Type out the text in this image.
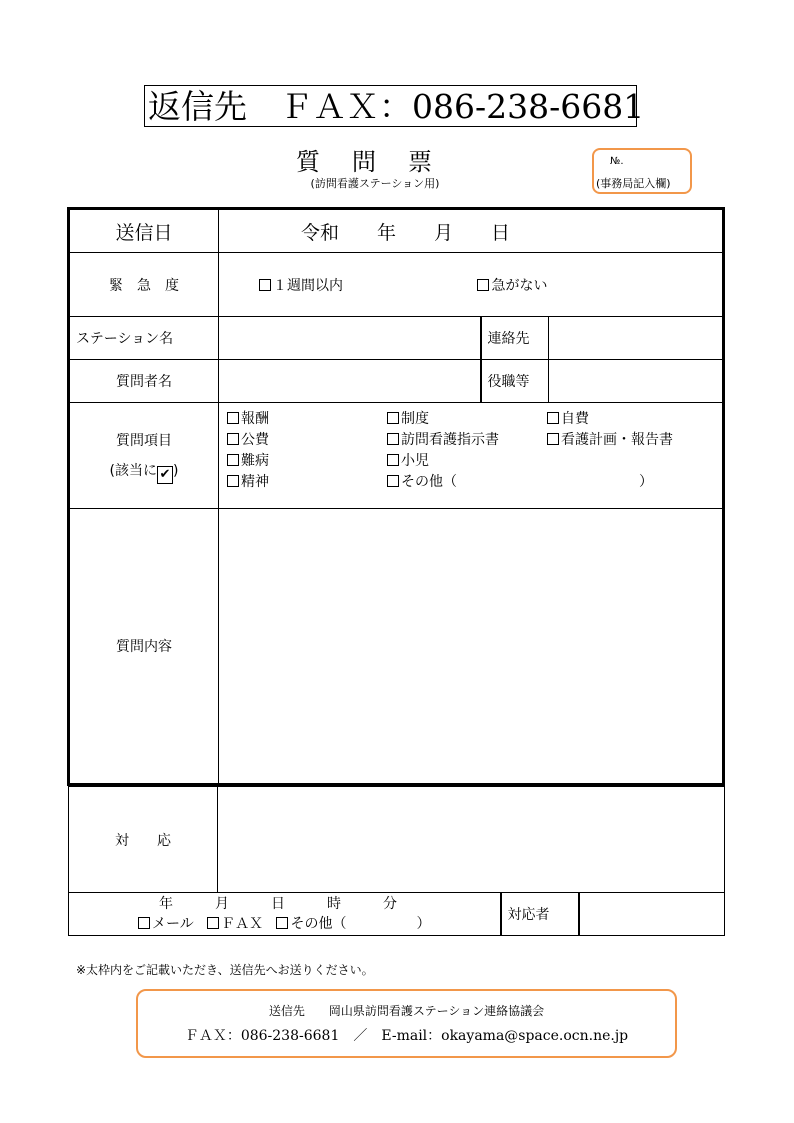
返信先　ＦＡＸ：086-238-6681
質問票
(訪問看護ステーション用)
№.
(事務局記入欄)
送信日	令和　　年　　月　　日		
緊　急　度	１週間以内 急がない		
ステーション名		連絡先	
質問者名		役職等	

質問項目
(該当に ✔ )

報酬	制度	自費
公費	訪問看護指示書	看護計画・報告書
難病	小児
精神	その他（　　　　　　　　　　　　　）

質問内容			
対　　応			

年　　　月　　　日　　　時　　　分
メール ＦＡＸ その他（　　　　　）		対応者	
※太枠内をご記載いただき、送信先へお送りください。
送信先　　岡山県訪問看護ステーション連絡協議会
ＦＡＸ：086-238-6681　／　E-mail：okayama@space.ocn.ne.jp
